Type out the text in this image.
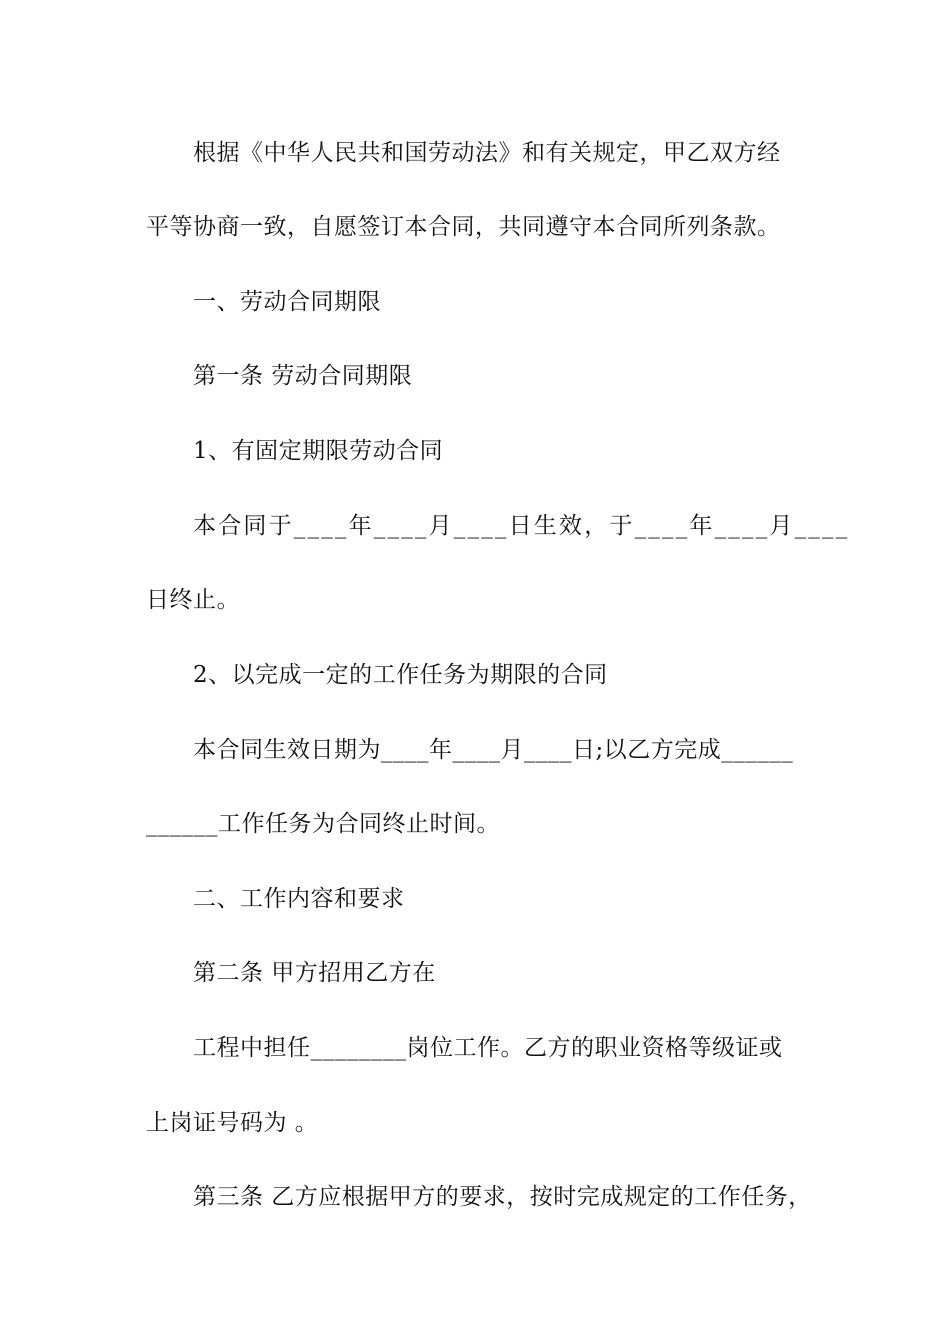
根据《中华人民共和国劳动法》和有关规定，甲乙双方经
平等协商一致，自愿签订本合同，共同遵守本合同所列条款。
一、劳动合同期限
第一条 劳动合同期限
1、有固定期限劳动合同
本合同于____年____月____日生效，于____年____月____
日终止。
2、以完成一定的工作任务为期限的合同
本合同生效日期为____年____月____日;以乙方完成______
______工作任务为合同终止时间。
二、工作内容和要求
第二条 甲方招用乙方在
工程中担任________岗位工作。乙方的职业资格等级证或
上岗证号码为 。
第三条 乙方应根据甲方的要求，按时完成规定的工作任务，
